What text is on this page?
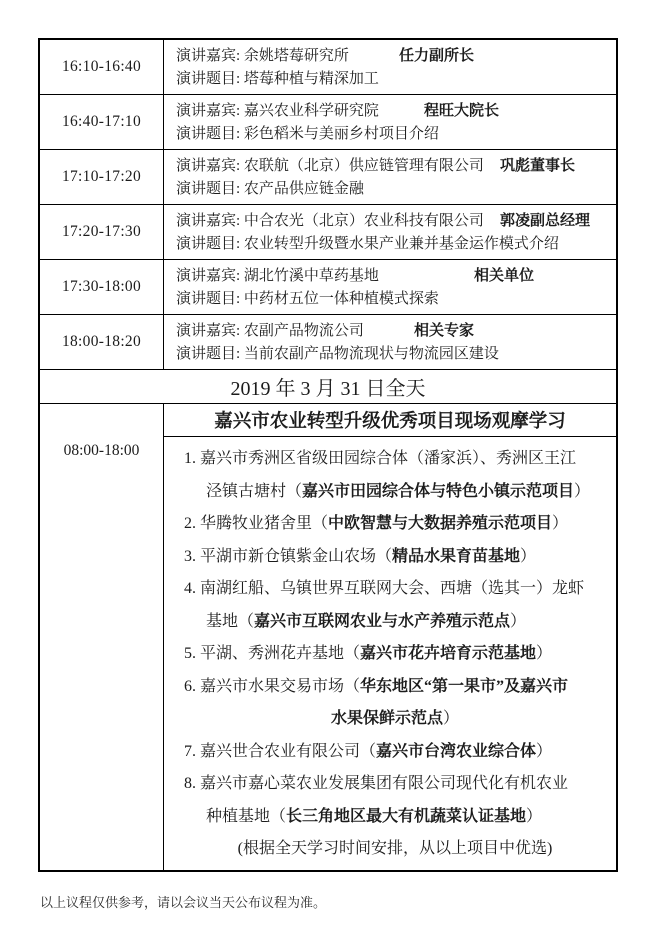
16:10-16:40
演讲嘉宾: 余姚塔莓研究所	任力副所长
演讲题目: 塔莓种植与精深加工
16:40-17:10
演讲嘉宾: 嘉兴农业科学研究院	程旺大院长
演讲题目: 彩色稻米与美丽乡村项目介绍
17:10-17:20
演讲嘉宾: 农联航（北京）供应链管理有限公司 巩彪董事长
演讲题目: 农产品供应链金融
17:20-17:30
演讲嘉宾: 中合农光（北京）农业科技有限公司 郭凌副总经理
演讲题目: 农业转型升级暨水果产业兼并基金运作模式介绍
17:30-18:00
演讲嘉宾: 湖北竹溪中草药基地	相关单位
演讲题目: 中药材五位一体种植模式探索
18:00-18:20
演讲嘉宾: 农副产品物流公司	相关专家
演讲题目: 当前农副产品物流现状与物流园区建设
2019 年 3 月 31 日全天
08:00-18:00
嘉兴市农业转型升级优秀项目现场观摩学习
1. 嘉兴市秀洲区省级田园综合体（潘家浜）、秀洲区王江
泾镇古塘村（嘉兴市田园综合体与特色小镇示范项目）
2. 华腾牧业猪舍里（中欧智慧与大数据养殖示范项目）
3. 平湖市新仓镇紫金山农场（精品水果育苗基地）
4. 南湖红船、乌镇世界互联网大会、西塘（选其一）龙虾
基地（嘉兴市互联网农业与水产养殖示范点）
5. 平湖、秀洲花卉基地（嘉兴市花卉培育示范基地）
6. 嘉兴市水果交易市场（华东地区“第一果市”及嘉兴市
水果保鲜示范点）
7. 嘉兴世合农业有限公司（嘉兴市台湾农业综合体）
8. 嘉兴市嘉心菜农业发展集团有限公司现代化有机农业
种植基地（长三角地区最大有机蔬菜认证基地）
(根据全天学习时间安排，从以上项目中优选)
以上议程仅供参考，请以会议当天公布议程为准。
